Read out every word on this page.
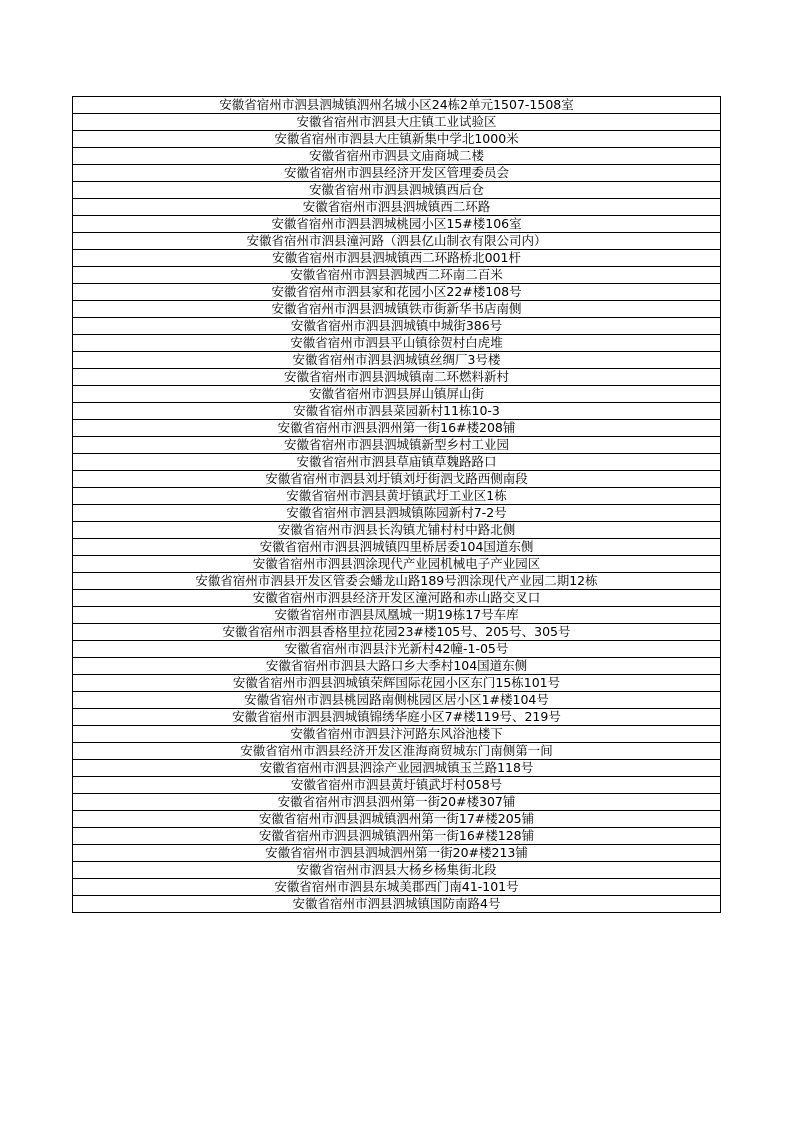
安徽省宿州市泗县泗城镇泗州名城小区24栋2单元1507-1508室
安徽省宿州市泗县大庄镇工业试验区
安徽省宿州市泗县大庄镇新集中学北1000米
安徽省宿州市泗县文庙商城二楼
安徽省宿州市泗县经济开发区管理委员会
安徽省宿州市泗县泗城镇西后仓
安徽省宿州市泗县泗城镇西二环路
安徽省宿州市泗县泗城桃园小区15#楼106室
安徽省宿州市泗县潼河路（泗县亿山制衣有限公司内）
安徽省宿州市泗县泗城镇西二环路桥北001杆
安徽省宿州市泗县泗城西二环南二百米
安徽省宿州市泗县家和花园小区22#楼108号
安徽省宿州市泗县泗城镇铁市街新华书店南侧
安徽省宿州市泗县泗城镇中城街386号
安徽省宿州市泗县平山镇徐贺村白虎堆
安徽省宿州市泗县泗城镇丝绸厂3号楼
安徽省宿州市泗县泗城镇南二环燃料新村
安徽省宿州市泗县屏山镇屏山街
安徽省宿州市泗县菜园新村11栋10-3
安徽省宿州市泗县泗州第一街16#楼208铺
安徽省宿州市泗县泗城镇新型乡村工业园
安徽省宿州市泗县草庙镇草魏路路口
安徽省宿州市泗县刘圩镇刘圩街泗戈路西侧南段
安徽省宿州市泗县黄圩镇武圩工业区1栋
安徽省宿州市泗县泗城镇陈园新村7-2号
安徽省宿州市泗县长沟镇尤铺村村中路北侧
安徽省宿州市泗县泗城镇四里桥居委104国道东侧
安徽省宿州市泗县泗涂现代产业园机械电子产业园区
安徽省宿州市泗县开发区管委会蟠龙山路189号泗涂现代产业园二期12栋
安徽省宿州市泗县经济开发区潼河路和赤山路交叉口
安徽省宿州市泗县凤凰城一期19栋17号车库
安徽省宿州市泗县香格里拉花园23#楼105号、205号、305号
安徽省宿州市泗县汴光新村42幢-1-05号
安徽省宿州市泗县大路口乡大季村104国道东侧
安徽省宿州市泗县泗城镇荣辉国际花园小区东门15栋101号
安徽省宿州市泗县桃园路南侧桃园区居小区1#楼104号
安徽省宿州市泗县泗城镇锦绣华庭小区7#楼119号、219号
安徽省宿州市泗县汴河路东风浴池楼下
安徽省宿州市泗县经济开发区淮海商贸城东门南侧第一间
安徽省宿州市泗县泗涂产业园泗城镇玉兰路118号
安徽省宿州市泗县黄圩镇武圩村058号
安徽省宿州市泗县泗州第一街20#楼307铺
安徽省宿州市泗县泗城镇泗州第一街17#楼205铺
安徽省宿州市泗县泗城镇泗州第一街16#楼128铺
安徽省宿州市泗县泗城泗州第一街20#楼213铺
安徽省宿州市泗县大杨乡杨集街北段
安徽省宿州市泗县东城美郡西门南41-101号
安徽省宿州市泗县泗城镇国防南路4号
